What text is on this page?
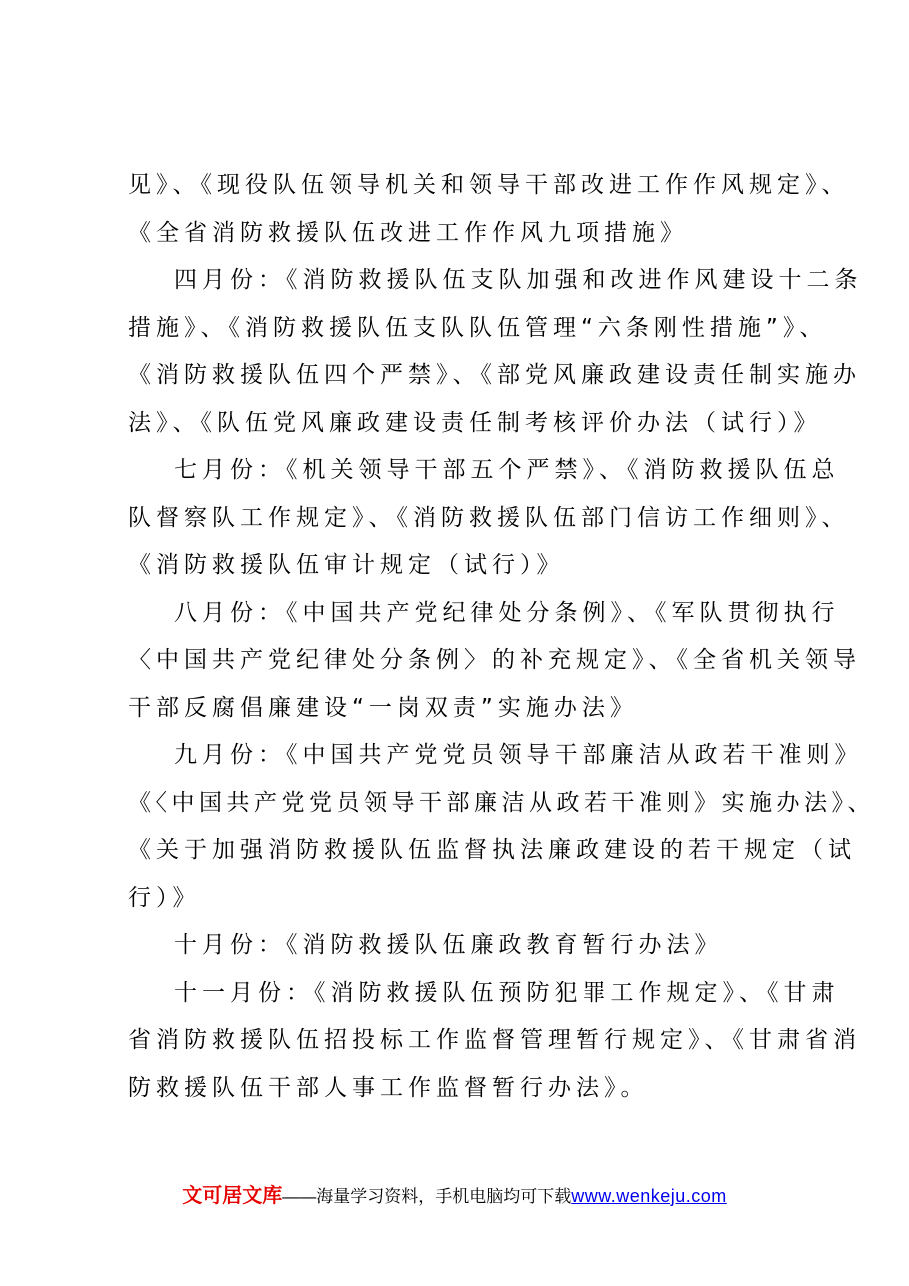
见》、《现役队伍领导机关和领导干部改进工作作风规定》、
《全省消防救援队伍改进工作作风九项措施》
四月份：《消防救援队伍支队加强和改进作风建设十二条
措施》、《消防救援队伍支队队伍管理“六条刚性措施”》、
《消防救援队伍四个严禁》、《部党风廉政建设责任制实施办
法》、《队伍党风廉政建设责任制考核评价办法（试行）》
七月份：《机关领导干部五个严禁》、《消防救援队伍总
队督察队工作规定》、《消防救援队伍部门信访工作细则》、
《消防救援队伍审计规定（试行）》
八月份：《中国共产党纪律处分条例》、《军队贯彻执行
〈中国共产党纪律处分条例〉的补充规定》、《全省机关领导
干部反腐倡廉建设“一岗双责”实施办法》
九月份：《中国共产党党员领导干部廉洁从政若干准则》
《〈中国共产党党员领导干部廉洁从政若干准则》实施办法》、
《关于加强消防救援队伍监督执法廉政建设的若干规定（试
行）》
十月份：《消防救援队伍廉政教育暂行办法》
十一月份：《消防救援队伍预防犯罪工作规定》、《甘肃
省消防救援队伍招投标工作监督管理暂行规定》、《甘肃省消
防救援队伍干部人事工作监督暂行办法》。
文可居文库——海量学习资料，手机电脑均可下载www.wenkeju.com
